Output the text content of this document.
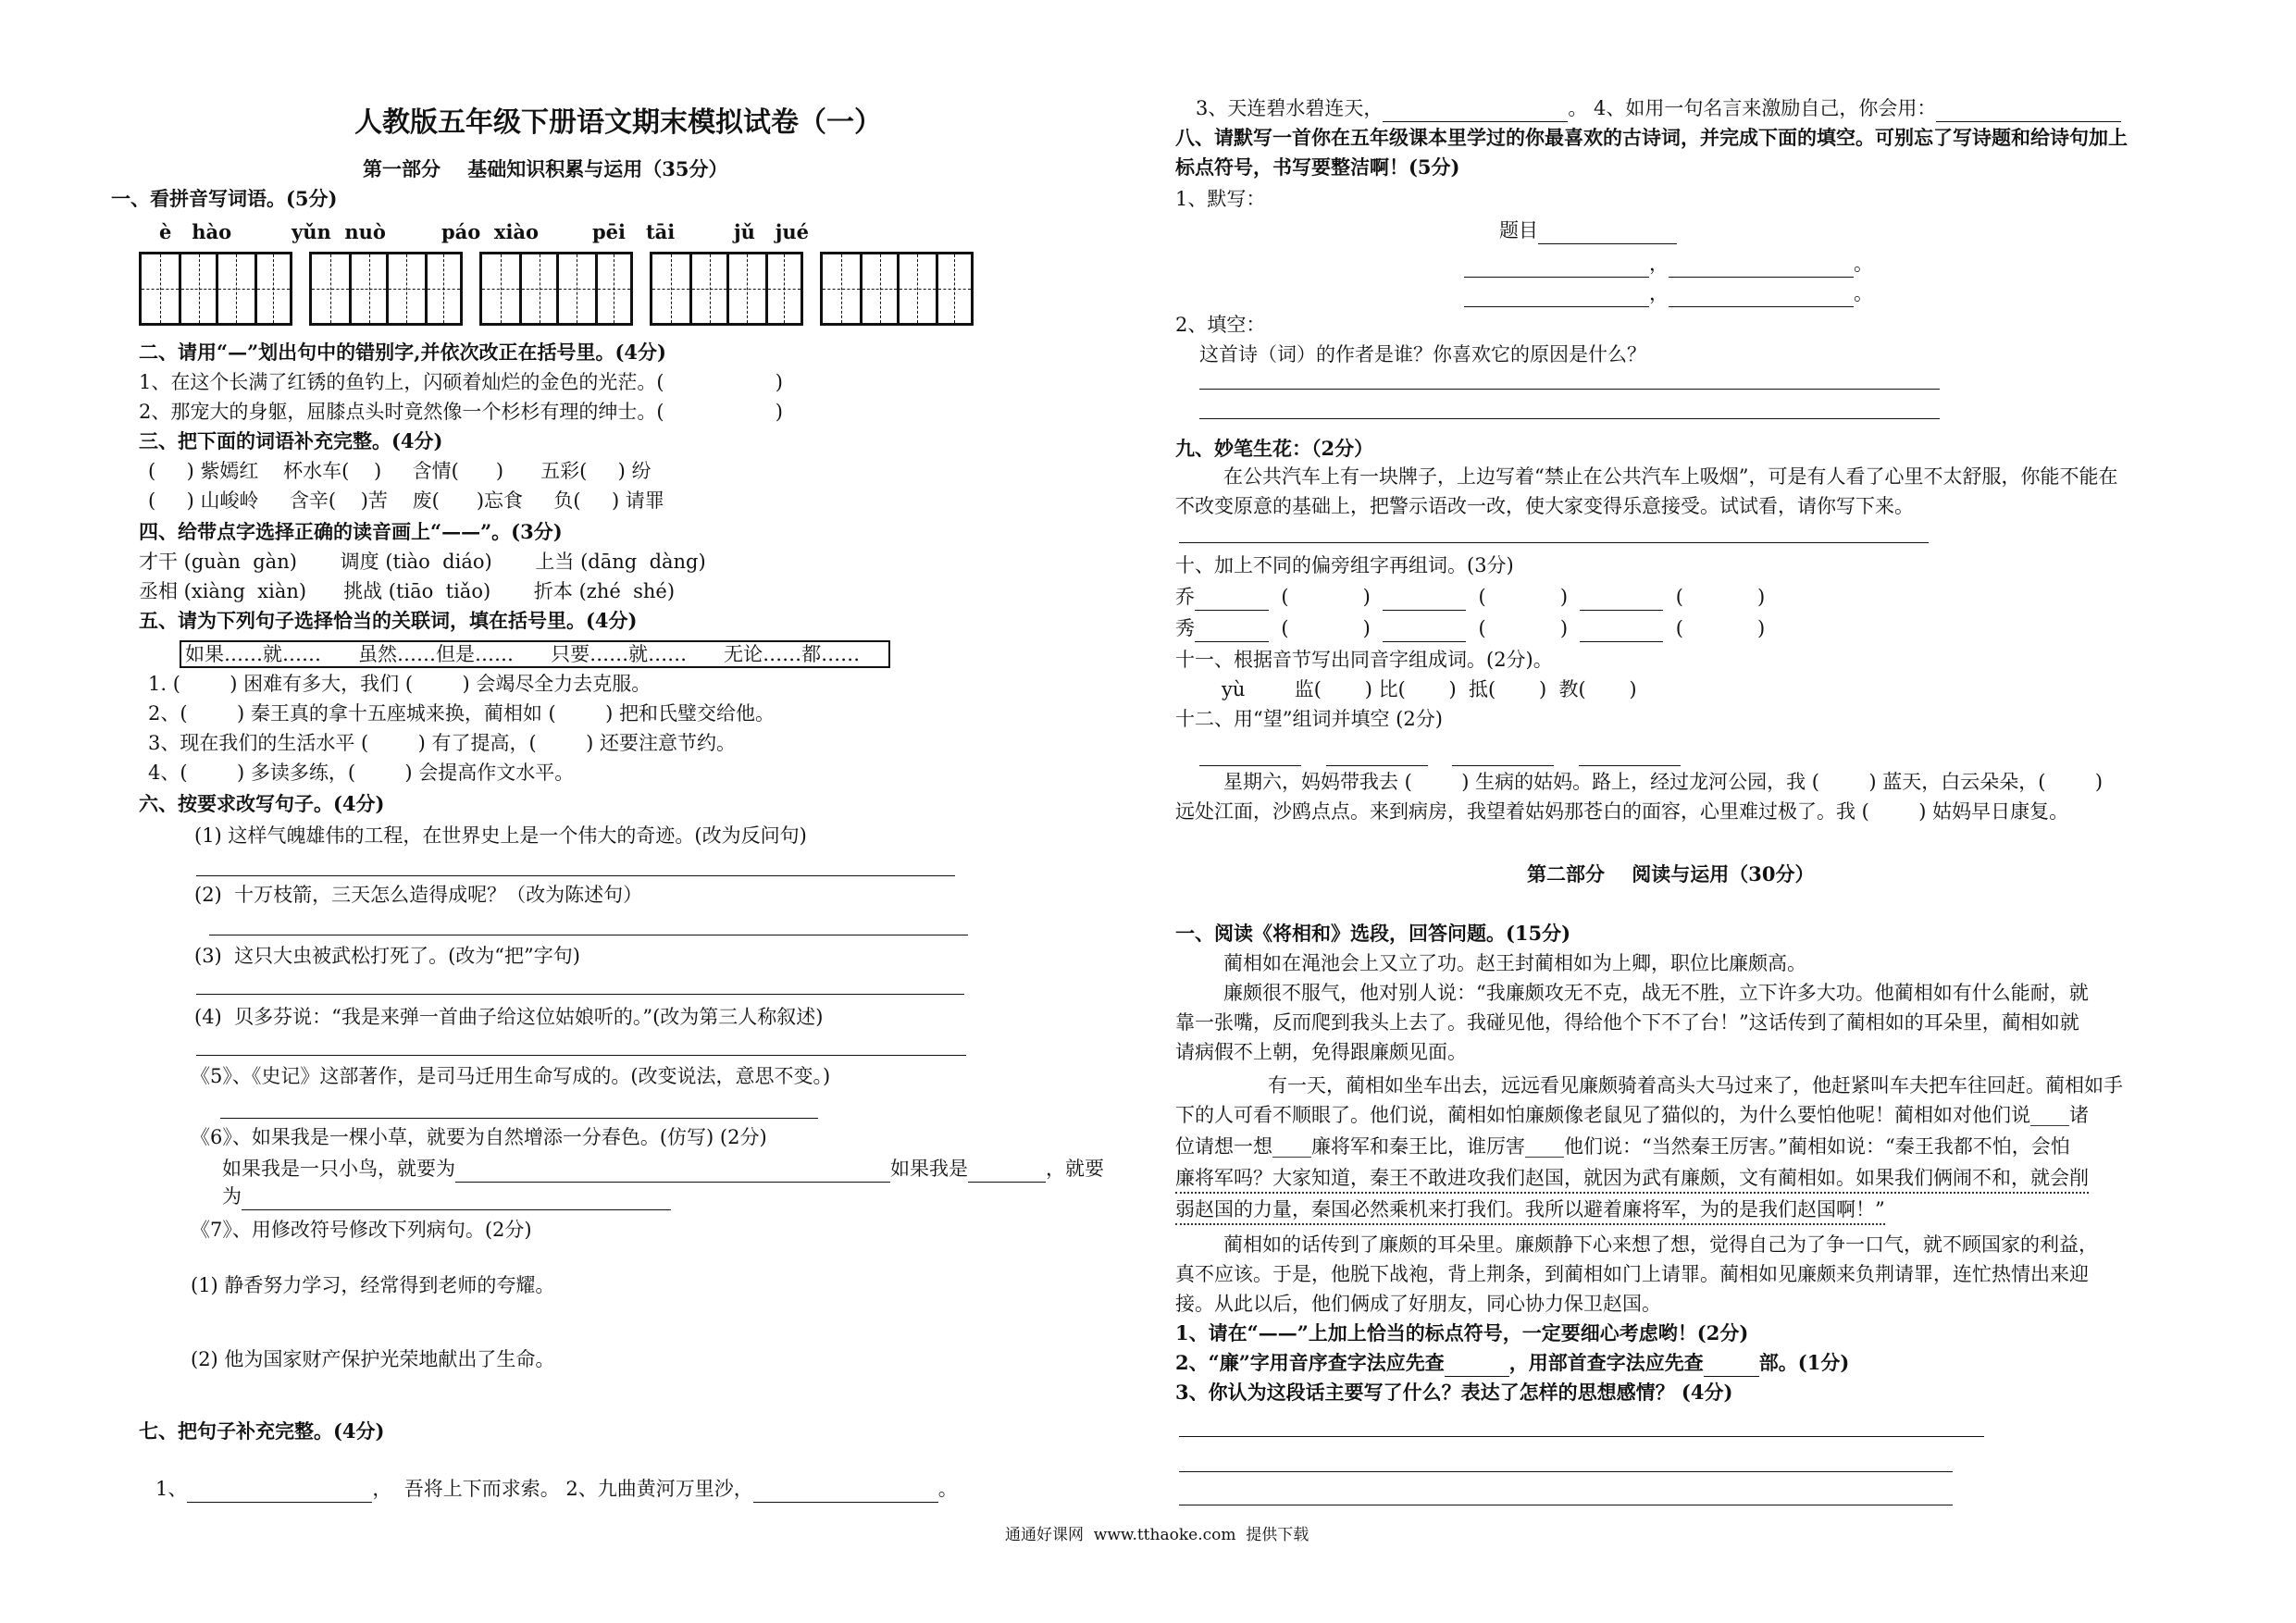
人教版五年级下册语文期末模拟试卷（一）
第一部分    基础知识积累与运用（35分）
一、看拼音写词语。(5分)
è   hào	yǔn  nuò	páo  xiào	pēi   tāi	jǔ   jué
二、请用“—”划出句中的错别字,并依次改正在括号里。(4分)
1、在这个长满了红锈的鱼钓上，闪硕着灿烂的金色的光茫。(                  )
2、那宠大的身躯，屈膝点头时竟然像一个杉杉有理的绅士。(                  )
三、把下面的词语补充完整。(4分)
(     ) 紫嫣红    杯水车(    )     含情(      )      五彩(     ) 纷
(     ) 山峻岭     含辛(    )苦    废(      )忘食     负(     ) 请罪
四、给带点字选择正确的读音画上“——”。(3分)
才干 (guàn  gàn)       调度 (tiào  diáo)       上当 (dāng  dàng)
丞相 (xiàng  xiàn)      挑战 (tiāo  tiǎo)       折本 (zhé  shé)
五、请为下列句子选择恰当的关联词，填在括号里。(4分)
如果……就……      虽然……但是……      只要……就……      无论……都……
1. (        ) 困难有多大，我们 (        ) 会竭尽全力去克服。
2、(        ) 秦王真的拿十五座城来换，蔺相如 (        ) 把和氏璧交给他。
3、现在我们的生活水平 (        ) 有了提高，(        ) 还要注意节约。
4、(        ) 多读多练，(        ) 会提高作文水平。
六、按要求改写句子。(4分)
(1) 这样气魄雄伟的工程，在世界史上是一个伟大的奇迹。(改为反问句)
(2)  十万枝箭，三天怎么造得成呢？（改为陈述句）
(3)  这只大虫被武松打死了。(改为“把”字句)
(4)  贝多芬说：“我是来弹一首曲子给这位姑娘听的。”(改为第三人称叙述)
《5》、《史记》这部著作，是司马迁用生命写成的。(改变说法，意思不变。)
《6》、如果我是一棵小草，就要为自然增添一分春色。(仿写) (2分)
如果我是一只小鸟，就要为	如果我是	，就要
为
《7》、用修改符号修改下列病句。(2分)
(1) 静香努力学习，经常得到老师的夸耀。
(2) 他为国家财产保护光荣地献出了生命。
七、把句子补充完整。(4分)
1、	，  吾将上下而求索。 2、九曲黄河万里沙，	。
3、天连碧水碧连天，	。 4、如用一句名言来激励自己，你会用：
八、请默写一首你在五年级课本里学过的你最喜欢的古诗词，并完成下面的填空。可别忘了写诗题和给诗句加上
标点符号，书写要整洁啊！(5分)
1、默写：
题目
，	。
，	。
2、填空：
这首诗（词）的作者是谁？你喜欢它的原因是什么？
九、妙笔生花：（2分）
在公共汽车上有一块牌子，上边写着“禁止在公共汽车上吸烟”，可是有人看了心里不太舒服，你能不能在
不改变原意的基础上，把警示语改一改，使大家变得乐意接受。试试看，请你写下来。
十、加上不同的偏旁组字再组词。(3分)
乔	(            )	(            )	(            )
秀	(            )	(            )	(            )
十一、根据音节写出同音字组成词。(2分)。
yù        监(       ) 比(       )  抵(       )  教(       )
十二、用“望”组词并填空 (2分)

星期六，妈妈带我去 (        ) 生病的姑妈。路上，经过龙河公园，我 (        ) 蓝天，白云朵朵，(        )
远处江面，沙鸥点点。来到病房，我望着姑妈那苍白的面容，心里难过极了。我 (        ) 姑妈早日康复。
第二部分    阅读与运用（30分）
一、阅读《将相和》选段，回答问题。(15分)
蔺相如在渑池会上又立了功。赵王封蔺相如为上卿，职位比廉颇高。
廉颇很不服气，他对别人说：“我廉颇攻无不克，战无不胜，立下许多大功。他蔺相如有什么能耐，就
靠一张嘴，反而爬到我头上去了。我碰见他，得给他个下不了台！”这话传到了蔺相如的耳朵里，蔺相如就
请病假不上朝，免得跟廉颇见面。
有一天，蔺相如坐车出去，远远看见廉颇骑着高头大马过来了，他赶紧叫车夫把车往回赶。蔺相如手
下的人可看不顺眼了。他们说，蔺相如怕廉颇像老鼠见了猫似的，为什么要怕他呢！蔺相如对他们说____诸
位请想一想____廉将军和秦王比，谁厉害____他们说：“当然秦王厉害。”蔺相如说：“秦王我都不怕，会怕
廉将军吗？大家知道，秦王不敢进攻我们赵国，就因为武有廉颇，文有蔺相如。如果我们俩闹不和，就会削
弱赵国的力量，秦国必然乘机来打我们。我所以避着廉将军，为的是我们赵国啊！”
蔺相如的话传到了廉颇的耳朵里。廉颇静下心来想了想，觉得自己为了争一口气，就不顾国家的利益，
真不应该。于是，他脱下战袍，背上荆条，到蔺相如门上请罪。蔺相如见廉颇来负荆请罪，连忙热情出来迎
接。从此以后，他们俩成了好朋友，同心协力保卫赵国。
1、请在“——”上加上恰当的标点符号，一定要细心考虑哟！(2分)
2、“廉”字用音序查字法应先查	，用部首查字法应先查	部。(1分)
3、你认为这段话主要写了什么？表达了怎样的思想感情？ (4分)
通通好课网  www.tthaoke.com  提供下载
